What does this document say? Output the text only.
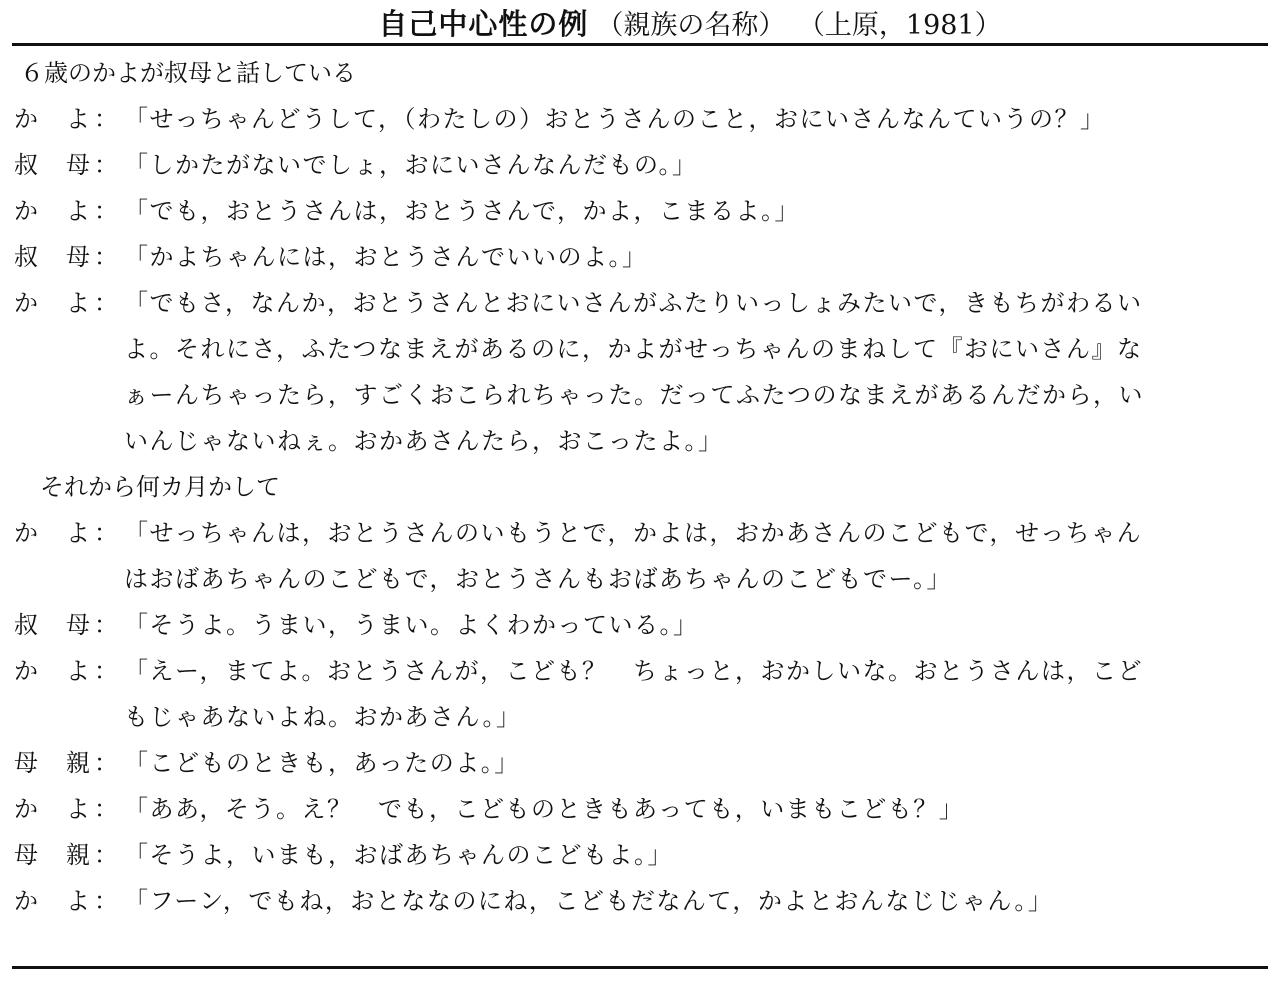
自己中心性の例 （親族の名称） （上原，1981）
６歳のかよが叔母と話している
か よ ： 「せっちゃんどうして，（わたしの）おとうさんのこと，おにいさんなんていうの？」
叔 母 ： 「しかたがないでしょ，おにいさんなんだもの。」
か よ ： 「でも，おとうさんは，おとうさんで，かよ，こまるよ。」
叔 母 ： 「かよちゃんには，おとうさんでいいのよ。」
か よ ： 「でもさ，なんか，おとうさんとおにいさんがふたりいっしょみたいで，きもちがわるい
よ。それにさ，ふたつなまえがあるのに，かよがせっちゃんのまねして『おにいさん』な
ぁーんちゃったら，すごくおこられちゃった。だってふたつのなまえがあるんだから，い
いんじゃないねぇ。おかあさんたら，おこったよ。」
それから何カ月かして
か よ ： 「せっちゃんは，おとうさんのいもうとで，かよは，おかあさんのこどもで，せっちゃん
はおばあちゃんのこどもで，おとうさんもおばあちゃんのこどもでー。」
叔 母 ： 「そうよ。うまい，うまい。よくわかっている。」
か よ ： 「えー，まてよ。おとうさんが，こども？　ちょっと，おかしいな。おとうさんは，こど
もじゃあないよね。おかあさん。」
母 親 ： 「こどものときも，あったのよ。」
か よ ： 「ああ，そう。え？　でも，こどものときもあっても，いまもこども？」
母 親 ： 「そうよ，いまも，おばあちゃんのこどもよ。」
か よ ： 「フーン，でもね，おとななのにね，こどもだなんて，かよとおんなじじゃん。」
